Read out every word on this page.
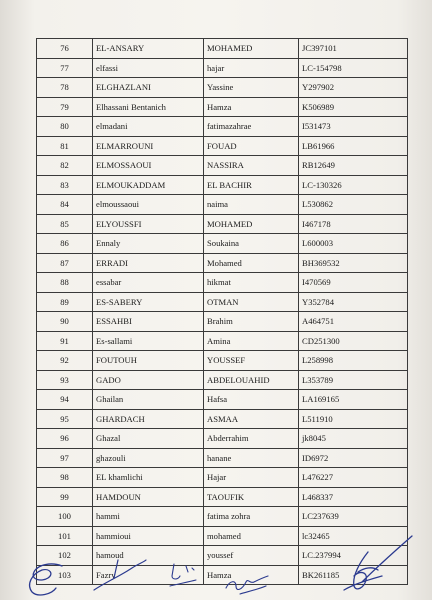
76	EL-ANSARY	MOHAMED	JC397101
77	elfassi	hajar	LC-154798
78	ELGHAZLANI	Yassine	Y297902
79	Elhassani Bentanich	Hamza	K506989
80	elmadani	fatimazahrae	I531473
81	ELMARROUNI	FOUAD	LB61966
82	ELMOSSAOUI	NASSIRA	RB12649
83	ELMOUKADDAM	EL BACHIR	LC-130326
84	elmoussaoui	naima	L530862
85	ELYOUSSFI	MOHAMED	I467178
86	Ennaly	Soukaina	L600003
87	ERRADI	Mohamed	BH369532
88	essabar	hikmat	I470569
89	ES-SABERY	OTMAN	Y352784
90	ESSAHBI	Brahim	A464751
91	Es-sallami	Amina	CD251300
92	FOUTOUH	YOUSSEF	L258998
93	GADO	ABDELOUAHID	L353789
94	Ghailan	Hafsa	LA169165
95	GHARDACH	ASMAA	L511910
96	Ghazal	Abderrahim	jk8045
97	ghazouli	hanane	ID6972
98	EL khamlichi	Hajar	L476227
99	HAMDOUN	TAOUFIK	L468337
100	hammi	fatima zohra	LC237639
101	hammioui	mohamed	lc32465
102	hamoud	youssef	LC.237994
103	Fazry	Hamza	BK261185
